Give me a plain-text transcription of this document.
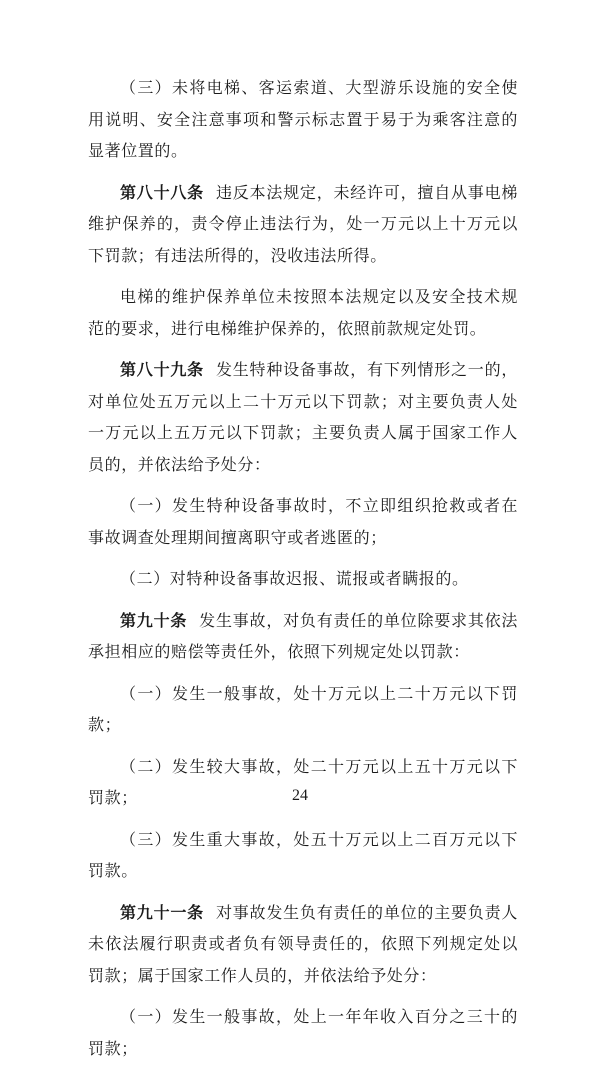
（三）未将电梯、客运索道、大型游乐设施的安全使用说明、安全注意事项和警示标志置于易于为乘客注意的显著位置的。

第八十八条 违反本法规定，未经许可，擅自从事电梯维护保养的，责令停止违法行为，处一万元以上十万元以下罚款；有违法所得的，没收违法所得。

电梯的维护保养单位未按照本法规定以及安全技术规范的要求，进行电梯维护保养的，依照前款规定处罚。

第八十九条 发生特种设备事故，有下列情形之一的，对单位处五万元以上二十万元以下罚款；对主要负责人处一万元以上五万元以下罚款；主要负责人属于国家工作人员的，并依法给予处分：

（一）发生特种设备事故时，不立即组织抢救或者在事故调查处理期间擅离职守或者逃匿的；

（二）对特种设备事故迟报、谎报或者瞒报的。

第九十条 发生事故，对负有责任的单位除要求其依法承担相应的赔偿等责任外，依照下列规定处以罚款：

（一）发生一般事故，处十万元以上二十万元以下罚款；

（二）发生较大事故，处二十万元以上五十万元以下罚款；

（三）发生重大事故，处五十万元以上二百万元以下罚款。

第九十一条 对事故发生负有责任的单位的主要负责人未依法履行职责或者负有领导责任的，依照下列规定处以罚款；属于国家工作人员的，并依法给予处分：

（一）发生一般事故，处上一年年收入百分之三十的罚款；

24
